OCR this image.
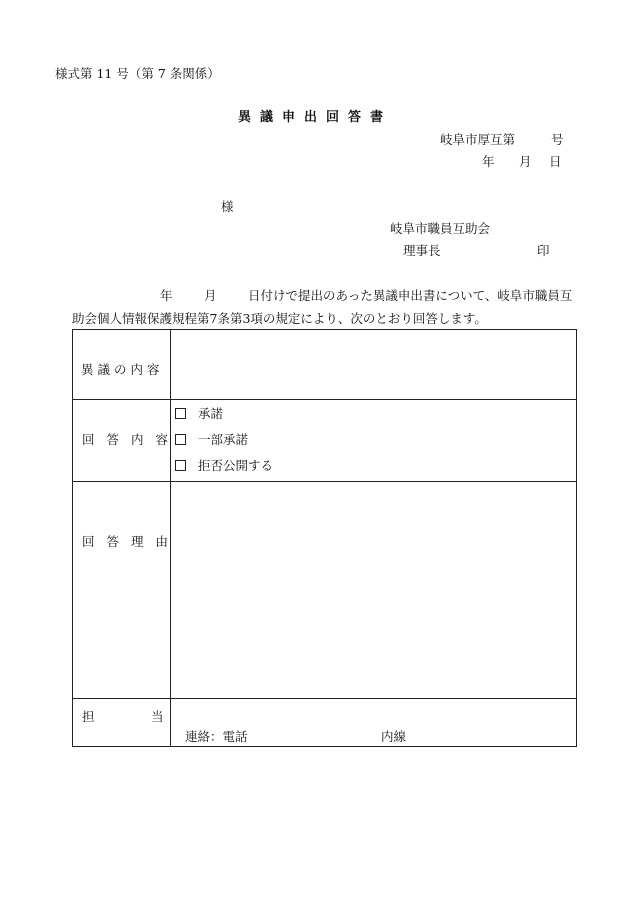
様式第 11 号（第 7 条関係）
異議申出回答書
岐阜市厚互第	号
年 月 日
様
岐阜市職員互助会
理事長	印
年	月	日付けで提出のあった異議申出書について、岐阜市職員互
助会個人情報保護規程第7条第3項の規定により、次のとおり回答します。
異議の内容	

回答内容	承諾
一部承諾
拒否公開する

回答理由	

担 当	連絡：電話 内線
